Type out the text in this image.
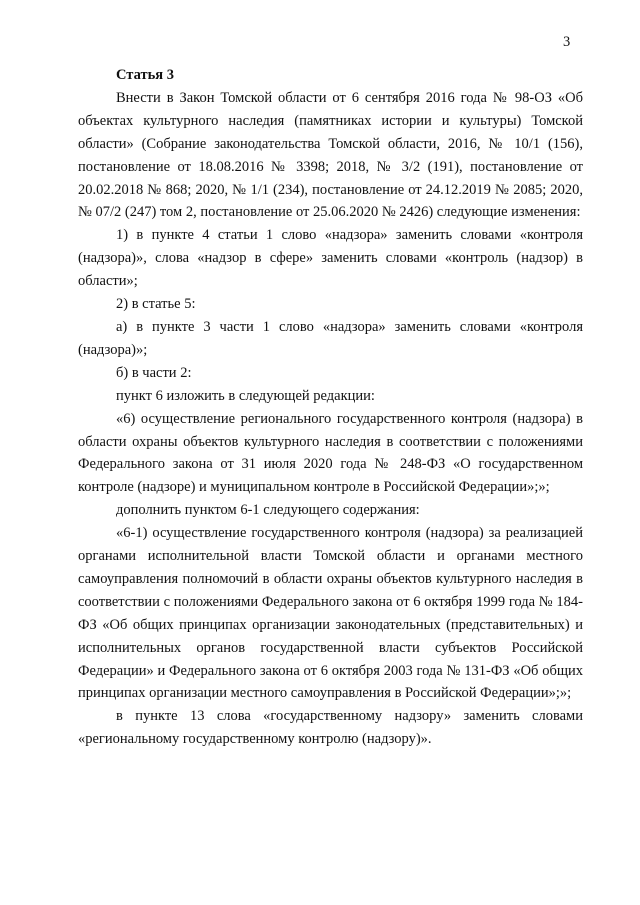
3

Статья 3

Внести в Закон Томской области от 6 сентября 2016 года № 98-ОЗ «Об объектах культурного наследия (памятниках истории и культуры) Томской области» (Собрание законодательства Томской области, 2016, № 10/1 (156), постановление от 18.08.2016 № 3398; 2018, № 3/2 (191), постановление от 20.02.2018 № 868; 2020, № 1/1 (234), постановление от 24.12.2019 № 2085; 2020, № 07/2 (247) том 2, постановление от 25.06.2020 № 2426) следующие изменения:

1) в пункте 4 статьи 1 слово «надзора» заменить словами «контроля (надзора)», слова «надзор в сфере» заменить словами «контроль (надзор) в области»;

2) в статье 5:

а) в пункте 3 части 1 слово «надзора» заменить словами «контроля (надзора)»;

б) в части 2:

пункт 6 изложить в следующей редакции:

«6) осуществление регионального государственного контроля (надзора) в области охраны объектов культурного наследия в соответствии с положениями Федерального закона от 31 июля 2020 года № 248-ФЗ «О государственном контроле (надзоре) и муниципальном контроле в Российской Федерации»;»;

дополнить пунктом 6-1 следующего содержания:

«6-1) осуществление государственного контроля (надзора) за реализацией органами исполнительной власти Томской области и органами местного самоуправления полномочий в области охраны объектов культурного наследия в соответствии с положениями Федерального закона от 6 октября 1999 года № 184-ФЗ «Об общих принципах организации законодательных (представительных) и исполнительных органов государственной власти субъектов Российской Федерации» и Федерального закона от 6 октября 2003 года № 131-ФЗ «Об общих принципах организации местного самоуправления в Российской Федерации»;»;

в пункте 13 слова «государственному надзору» заменить словами «региональному государственному контролю (надзору)».
